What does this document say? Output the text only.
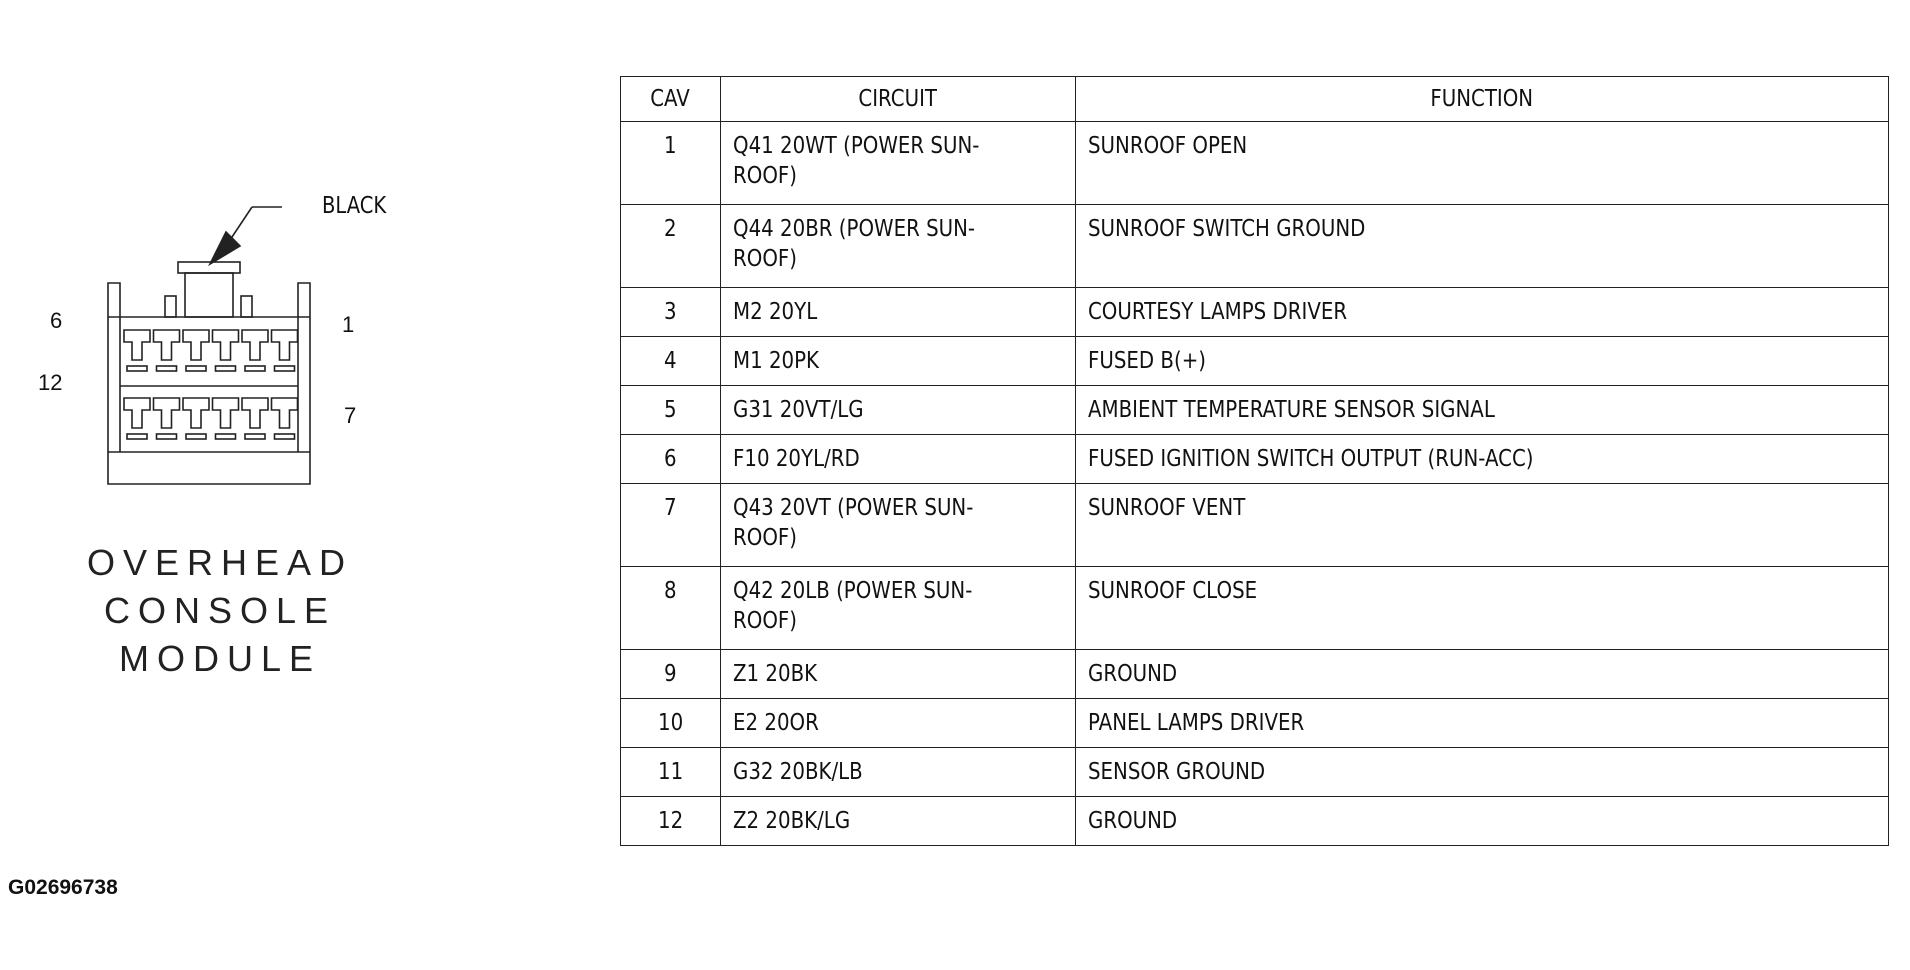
BLACK
6	1
12
7
OVERHEAD
CONSOLE
MODULE
G02696738
CAV	CIRCUIT	FUNCTION
1	Q41 20WT (POWER SUN-
ROOF)	SUNROOF OPEN
2	Q44 20BR (POWER SUN-
ROOF)	SUNROOF SWITCH GROUND
3	M2 20YL	COURTESY LAMPS DRIVER
4	M1 20PK	FUSED B(+)
5	G31 20VT/LG	AMBIENT TEMPERATURE SENSOR SIGNAL
6	F10 20YL/RD	FUSED IGNITION SWITCH OUTPUT (RUN-ACC)
7	Q43 20VT (POWER SUN-
ROOF)	SUNROOF VENT
8	Q42 20LB (POWER SUN-
ROOF)	SUNROOF CLOSE
9	Z1 20BK	GROUND
10	E2 20OR	PANEL LAMPS DRIVER
11	G32 20BK/LB	SENSOR GROUND
12	Z2 20BK/LG	GROUND
